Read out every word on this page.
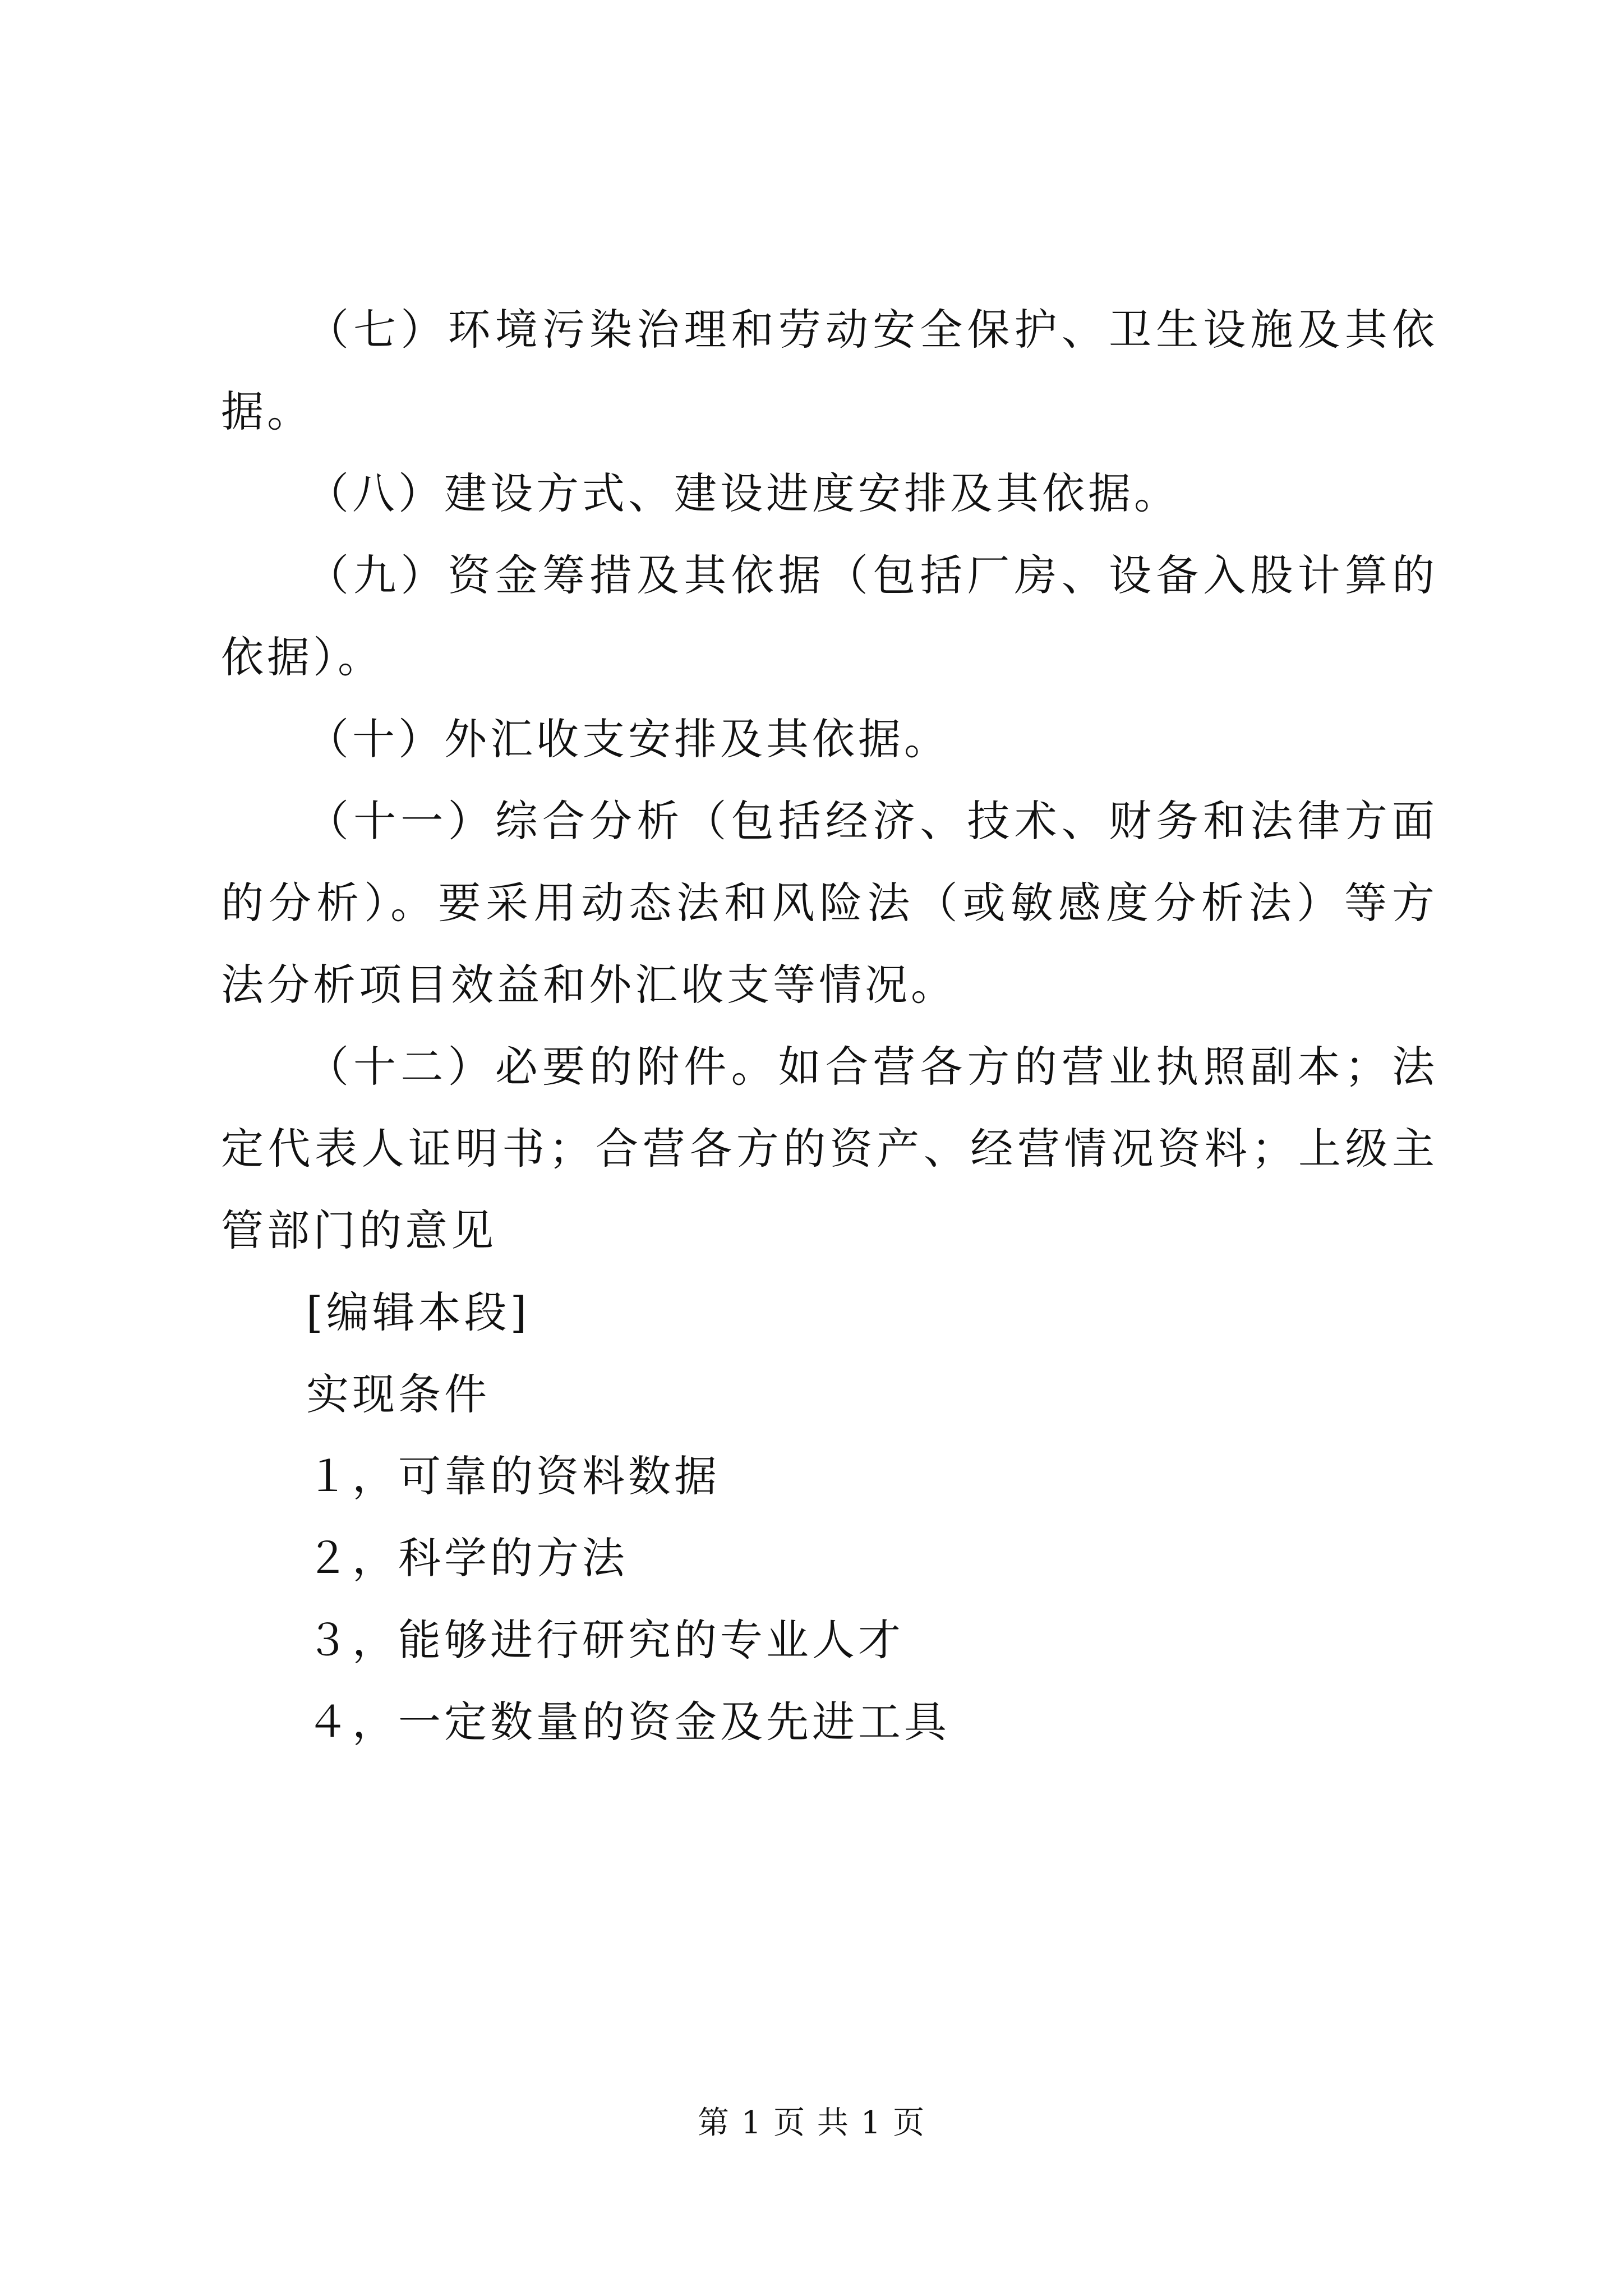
（七）环境污染治理和劳动安全保护、卫生设施及其依据。

（八）建设方式、建设进度安排及其依据。

（九）资金筹措及其依据（包括厂房、设备入股计算的依据）。

（十）外汇收支安排及其依据。

（十一）综合分析（包括经济、技术、财务和法律方面的分析）。要采用动态法和风险法（或敏感度分析法）等方法分析项目效益和外汇收支等情况。

（十二）必要的附件。如合营各方的营业执照副本；法定代表人证明书；合营各方的资产、经营情况资料；上级主管部门的意见

[编辑本段]

实现条件

１，可靠的资料数据

２，科学的方法

３，能够进行研究的专业人才

４，一定数量的资金及先进工具

第 1 页 共 1 页
